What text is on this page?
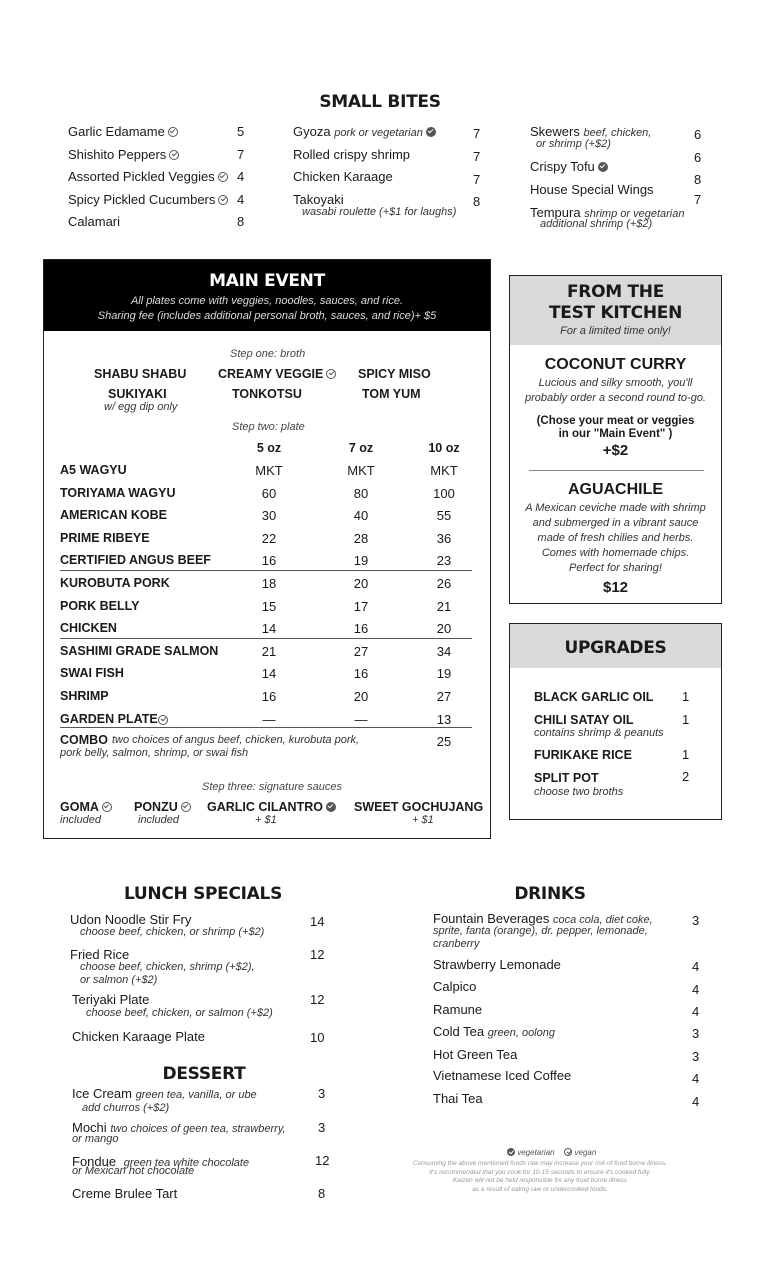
SMALL BITES
Garlic Edamame	5
Shishito Peppers	7
Assorted Pickled Veggies	4
Spicy Pickled Cucumbers	4
Calamari	8
Gyoza pork or vegetarian	7
Rolled crispy shrimp	7
Chicken Karaage	7
Takoyaki
wasabi roulette (+$1 for laughs)
8
Skewers beef, chicken,
or shrimp (+$2)
6
Crispy Tofu
6
House Special Wings
8
Tempura shrimp or vegetarian
additional shrimp (+$2)
7
MAIN EVENT
All plates come with veggies, noodles, sauces, and rice.
Sharing fee (includes additional personal broth, sauces, and rice)+ $5
Step one: broth
SHABU SHABU	CREAMY VEGGIE	SPICY MISO
SUKIYAKI
w/ egg dip only
TONKOTSU	TOM YUM
Step two: plate
5 oz	7 oz	10 oz
A5 WAGYU	MKT	MKT	MKT
TORIYAMA WAGYU	60	80	100
AMERICAN KOBE	30	40	55
PRIME RIBEYE	22	28	36
CERTIFIED ANGUS BEEF	16	19	23
KUROBUTA PORK	18	20	26
PORK BELLY	15	17	21
CHICKEN	14	16	20
SASHIMI GRADE SALMON	21	27	34
SWAI FISH	14	16	19
SHRIMP	16	20	27
GARDEN PLATE	—	—	13
COMBO two choices of angus beef, chicken, kurobuta pork,
pork belly, salmon, shrimp, or swai fish
25
Step three: signature sauces
GOMA
included
PONZU
included
GARLIC CILANTRO
+ $1
SWEET GOCHUJANG
+ $1
FROM THE
TEST KITCHEN
For a limited time only!
COCONUT CURRY
Lucious and silky smooth, you'll
probably order a second round to-go.
(Chose your meat or veggies
in our "Main Event" )
+$2
AGUACHILE
A Mexican ceviche made with shrimp
and submerged in a vibrant sauce
made of fresh chilies and herbs.
Comes with homemade chips.
Perfect for sharing!
$12
UPGRADES
BLACK GARLIC OIL 1
CHILI SATAY OIL
contains shrimp & peanuts
1
FURIKAKE RICE	1
SPLIT POT
choose two broths
2
LUNCH SPECIALS
Udon Noodle Stir Fry
choose beef, chicken, or shrimp (+$2)
14
Fried Rice
choose beef, chicken, shrimp (+$2),
or salmon (+$2)
12
Teriyaki Plate
choose beef, chicken, or salmon (+$2)
12
Chicken Karaage Plate	10
DESSERT
Ice Cream green tea, vanilla, or ube
add churros (+$2)
3
Mochi two choices of geen tea, strawberry,
or mango
3
Fondue green tea white chocolate
or Mexican hot chocolate
12
Creme Brulee Tart	8
DRINKS
Fountain Beverages coca cola, diet coke,
sprite, fanta (orange), dr. pepper, lemonade,
cranberry
3
Strawberry Lemonade	4
Calpico	4
Ramune	4
Cold Tea green, oolong	3
Hot Green Tea	3
Vietnamese Iced Coffee	4
Thai Tea	4
vegetarian vegan
Consuming the above mentioned foods raw may increase your risk of food borne illness.
It's recommended that you cook for 10-15 seconds to ensure it's cooked fully.
Kaizen will not be held responsible for any food borne illness
as a result of eating raw or undercooked foods.
